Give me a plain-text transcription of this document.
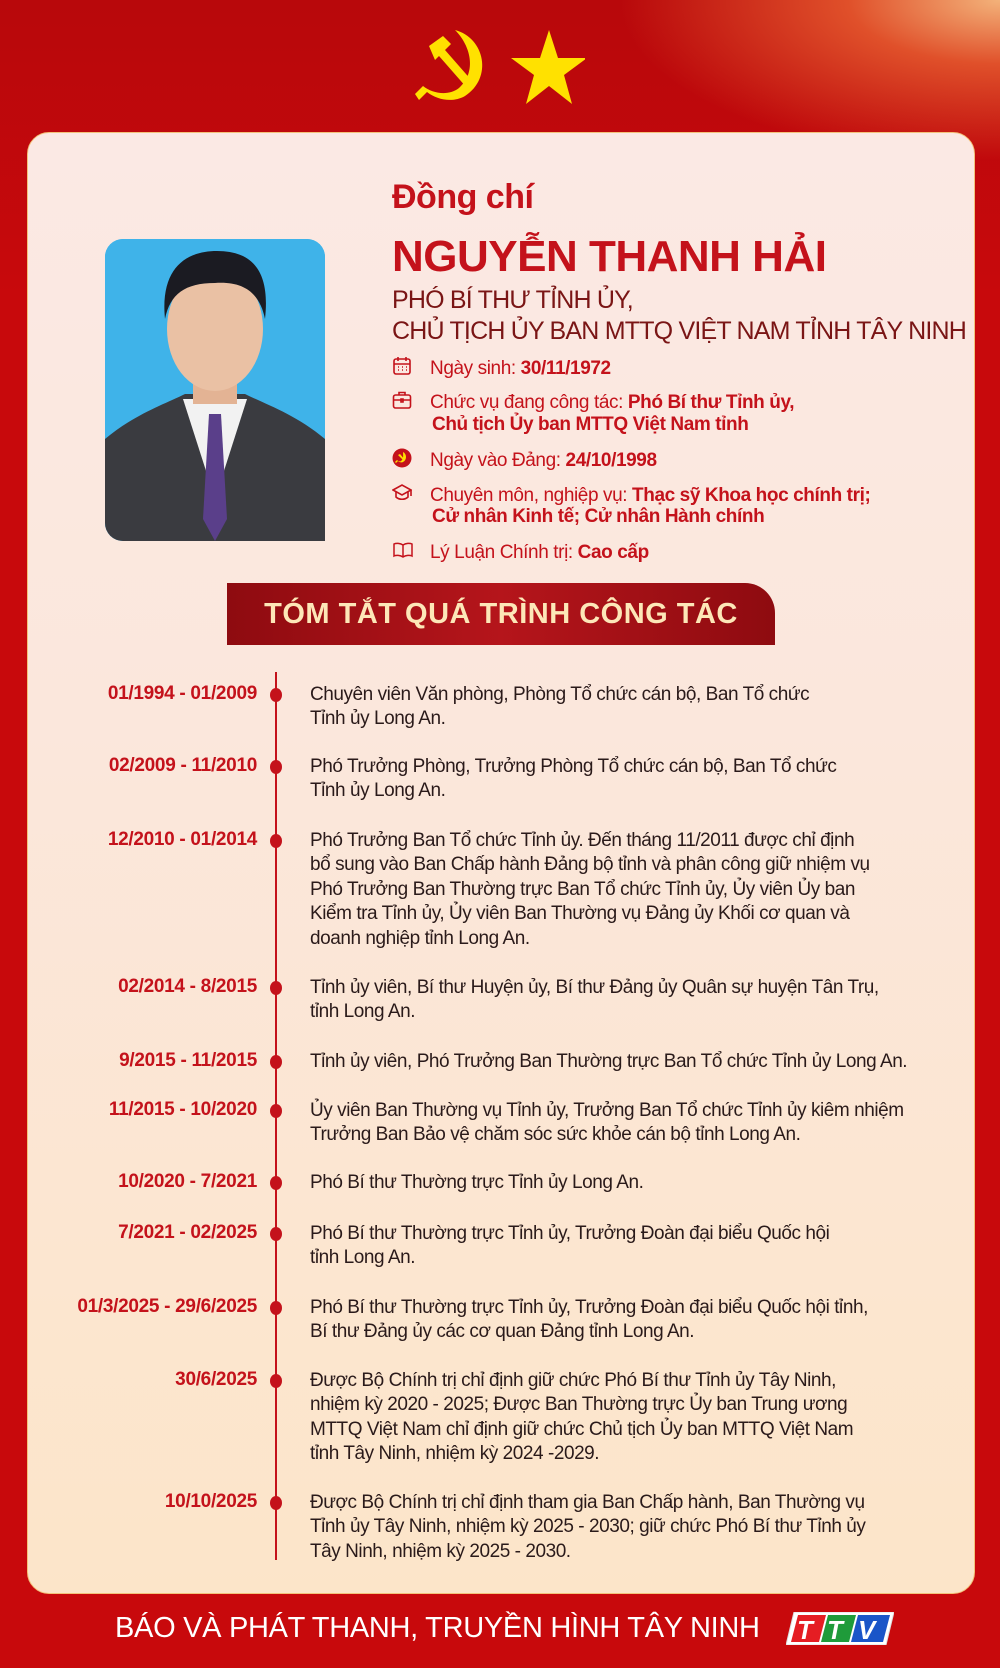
Đồng chí
NGUYỄN THANH HẢI
PHÓ BÍ THƯ TỈNH ỦY,
CHỦ TỊCH ỦY BAN MTTQ VIỆT NAM TỈNH TÂY NINH
Ngày sinh: 30/11/1972
Chức vụ đang công tác: Phó Bí thư Tỉnh ủy,
Chủ tịch Ủy ban MTTQ Việt Nam tỉnh
Ngày vào Đảng: 24/10/1998
Chuyên môn, nghiệp vụ: Thạc sỹ Khoa học chính trị;
Cử nhân Kinh tế; Cử nhân Hành chính
Lý Luận Chính trị: Cao cấp
TÓM TẮT QUÁ TRÌNH CÔNG TÁC
01/1994 - 01/2009	Chuyên viên Văn phòng, Phòng Tổ chức cán bộ, Ban Tổ chức
Tỉnh ủy Long An.
02/2009 - 11/2010	Phó Trưởng Phòng, Trưởng Phòng Tổ chức cán bộ, Ban Tổ chức
Tỉnh ủy Long An.
12/2010 - 01/2014	Phó Trưởng Ban Tổ chức Tỉnh ủy. Đến tháng 11/2011 được chỉ định
bổ sung vào Ban Chấp hành Đảng bộ tỉnh và phân công giữ nhiệm vụ
Phó Trưởng Ban Thường trực Ban Tổ chức Tỉnh ủy, Ủy viên Ủy ban
Kiểm tra Tỉnh ủy, Ủy viên Ban Thường vụ Đảng ủy Khối cơ quan và
doanh nghiệp tỉnh Long An.
02/2014 - 8/2015	Tỉnh ủy viên, Bí thư Huyện ủy, Bí thư Đảng ủy Quân sự huyện Tân Trụ,
tỉnh Long An.
9/2015 - 11/2015	Tỉnh ủy viên, Phó Trưởng Ban Thường trực Ban Tổ chức Tỉnh ủy Long An.
11/2015 - 10/2020	Ủy viên Ban Thường vụ Tỉnh ủy, Trưởng Ban Tổ chức Tỉnh ủy kiêm nhiệm
Trưởng Ban Bảo vệ chăm sóc sức khỏe cán bộ tỉnh Long An.
10/2020 - 7/2021	Phó Bí thư Thường trực Tỉnh ủy Long An.
7/2021 - 02/2025	Phó Bí thư Thường trực Tỉnh ủy, Trưởng Đoàn đại biểu Quốc hội
tỉnh Long An.
01/3/2025 - 29/6/2025	Phó Bí thư Thường trực Tỉnh ủy, Trưởng Đoàn đại biểu Quốc hội tỉnh,
Bí thư Đảng ủy các cơ quan Đảng tỉnh Long An.
30/6/2025	Được Bộ Chính trị chỉ định giữ chức Phó Bí thư Tỉnh ủy Tây Ninh,
nhiệm kỳ 2020 - 2025; Được Ban Thường trực Ủy ban Trung ương
MTTQ Việt Nam chỉ định giữ chức Chủ tịch Ủy ban MTTQ Việt Nam
tỉnh Tây Ninh, nhiệm kỳ 2024 -2029.
10/10/2025	Được Bộ Chính trị chỉ định tham gia Ban Chấp hành, Ban Thường vụ
Tỉnh ủy Tây Ninh, nhiệm kỳ 2025 - 2030; giữ chức Phó Bí thư Tỉnh ủy
Tây Ninh, nhiệm kỳ 2025 - 2030.
BÁO VÀ PHÁT THANH, TRUYỀN HÌNH TÂY NINH T T V
